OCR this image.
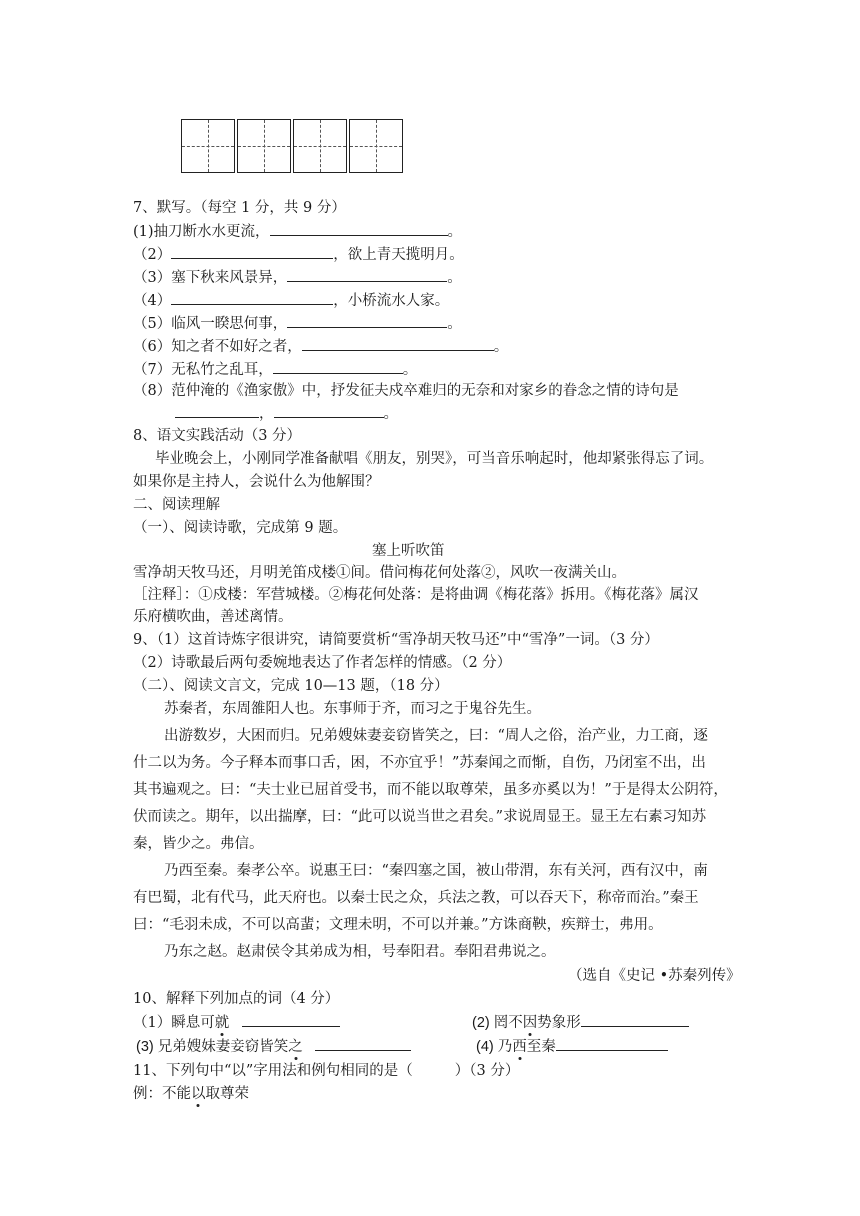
7、默写。（每空 1 分，共 9 分）
(1)抽刀断水水更流，	。
（2）	，欲上青天揽明月。
（3）塞下秋来风景异，	。
（4）	，小桥流水人家。
（5）临风一睽思何事，	。
（6）知之者不如好之者，	。
（7）无私竹之乱耳，	。
（8）范仲淹的《渔家傲》中，抒发征夫戍卒难归的无奈和对家乡的眷念之情的诗句是
，	。
8、语文实践活动（3 分）
毕业晚会上，小刚同学准备献唱《朋友，别哭》，可当音乐响起时，他却紧张得忘了词。
如果你是主持人，会说什么为他解围？
二、阅读理解
（一）、阅读诗歌，完成第 9 题。
塞上听吹笛
雪净胡天牧马还，月明羌笛戍楼①间。借问梅花何处落②，风吹一夜满关山。
［注释］：①戍楼：军营城楼。②梅花何处落：是将曲调《梅花落》拆用。《梅花落》属汉
乐府横吹曲，善述离情。
9、（1）这首诗炼字很讲究，请简要赏析“雪净胡天牧马还”中“雪净”一词。（3 分）
（2）诗歌最后两句委婉地表达了作者怎样的情感。（2 分）
（二）、阅读文言文，完成 10—13 题，（18 分）
苏秦者，东周雒阳人也。东事师于齐，而习之于鬼谷先生。
出游数岁，大困而归。兄弟嫂妹妻妾窃皆笑之，曰：“周人之俗，治产业，力工商，逐
什二以为务。今子释本而事口舌，困，不亦宜乎！”苏秦闻之而惭，自伤，乃闭室不出，出
其书遍观之。曰：“夫士业已屈首受书，而不能以取尊荣，虽多亦奚以为！”于是得太公阴符，
伏而读之。期年，以出揣摩，曰：“此可以说当世之君矣。”求说周显王。显王左右素习知苏
秦，皆少之。弗信。
乃西至秦。秦孝公卒。说惠王曰：“秦四塞之国，被山带渭，东有关河，西有汉中，南
有巴蜀，北有代马，此天府也。以秦士民之众，兵法之教，可以吞天下，称帝而治。”秦王
曰：“毛羽未成，不可以高蜚；文理未明，不可以并兼。”方诛商鞅，疾辩士，弗用。
乃东之赵。赵肃侯令其弟成为相，号奉阳君。奉阳君弗说之。
（选自《史记 •苏秦列传》
10、解释下列加点的词（4 分）
（1）瞬息可就	(2) 罔不因势象形
(3) 兄弟嫂妹妻妾窃皆笑之	(4) 乃西至秦
11、下列句中“以”字用法和例句相同的是（	）（3 分）
例：不能以取尊荣
